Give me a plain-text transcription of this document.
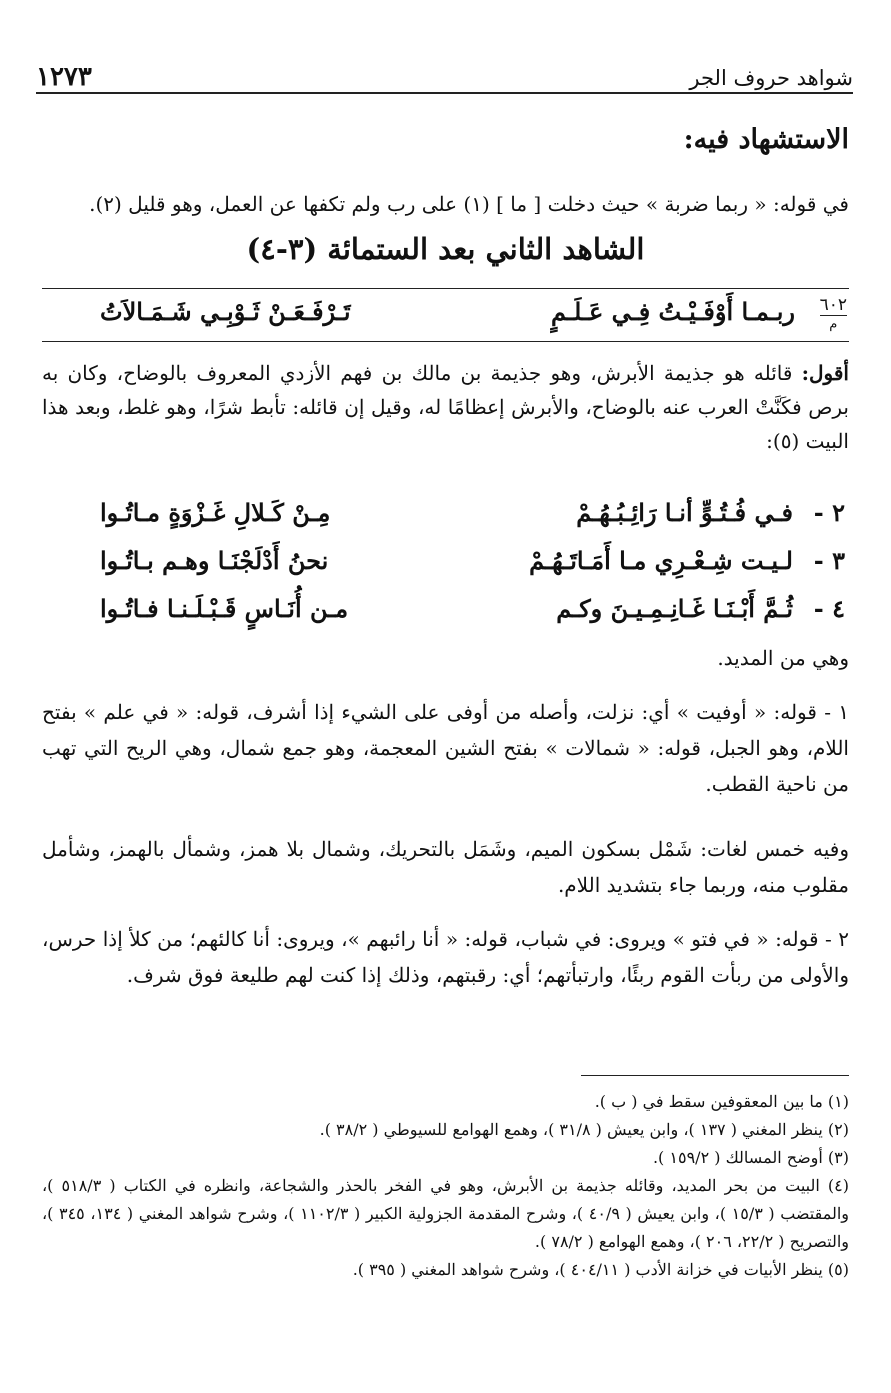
شواهد حروف الجر
١٢٧٣
الاستشهاد فيه:
في قوله: « ربما ضربة » حيث دخلت [ ما ] (١) على رب ولم تكفها عن العمل، وهو قليل (٢).
الشاهد الثاني بعد الستمائة (٣-٤)
٦٠٢
م
ربـمـا أَوْفَـيْـتُ فِـي عَـلَـمٍ
تَـرْفَـعَـنْ ثَـوْبِـي شَـمَـالاَتُ
أقول: قائله هو جذيمة الأبرش، وهو جذيمة بن مالك بن فهم الأزدي المعروف بالوضاح، وكان به برص فكَنَّتْ العرب عنه بالوضاح، والأبرش إعظامًا له، وقيل إن قائله: تأبط شرًا، وهو غلط، وبعد هذا البيت (٥):
٢ -
فـي فُـتُـوٍّ أنـا رَائِـبُـهُـمْ
مِـنْ كَـلالِ غَـزْوَةٍ مـاتُـوا
٣ -
لـيـت شِـعْـرِي مـا أَمَـاتَـهُـمْ
نحنُ أَدْلَجْنَـا وهـم بـاتُـوا
٤ -
ثُـمَّ أَبْـنَـا غَـانِـمِـيـنَ وكـم
مـن أُنَـاسٍ قَـبْـلَـنـا فـاتُـوا
وهي من المديد.
١ - قوله: « أوفيت » أي: نزلت، وأصله من أوفى على الشيء إذا أشرف، قوله: « في علم » بفتح اللام، وهو الجبل، قوله: « شمالات » بفتح الشين المعجمة، وهو جمع شمال، وهي الريح التي تهب من ناحية القطب.
وفيه خمس لغات: شَمْل بسكون الميم، وشَمَل بالتحريك، وشمال بلا همز، وشمأل بالهمز، وشأمل مقلوب منه، وربما جاء بتشديد اللام.
٢ - قوله: « في فتو » ويروى: في شباب، قوله: « أنا رائبهم »، ويروى: أنا كالئهم؛ من كلأ إذا حرس، والأولى من ربأت القوم ربئًا، وارتبأتهم؛ أي: رقبتهم، وذلك إذا كنت لهم طليعة فوق شرف.

(١) ما بين المعقوفين سقط في ( ب ).

(٢) ينظر المغني ( ١٣٧ )، وابن يعيش ( ٣١/٨ )، وهمع الهوامع للسيوطي ( ٣٨/٢ ).

(٣) أوضح المسالك ( ١٥٩/٢ ).

(٤) البيت من بحر المديد، وقائله جذيمة بن الأبرش، وهو في الفخر بالحذر والشجاعة، وانظره في الكتاب ( ٥١٨/٣ )، والمقتضب ( ١٥/٣ )، وابن يعيش ( ٤٠/٩ )، وشرح المقدمة الجزولية الكبير ( ١١٠٢/٣ )، وشرح شواهد المغني ( ١٣٤، ٣٤٥ )، والتصريح ( ٢٢/٢، ٢٠٦ )، وهمع الهوامع ( ٧٨/٢ ).

(٥) ينظر الأبيات في خزانة الأدب ( ٤٠٤/١١ )، وشرح شواهد المغني ( ٣٩٥ ).
